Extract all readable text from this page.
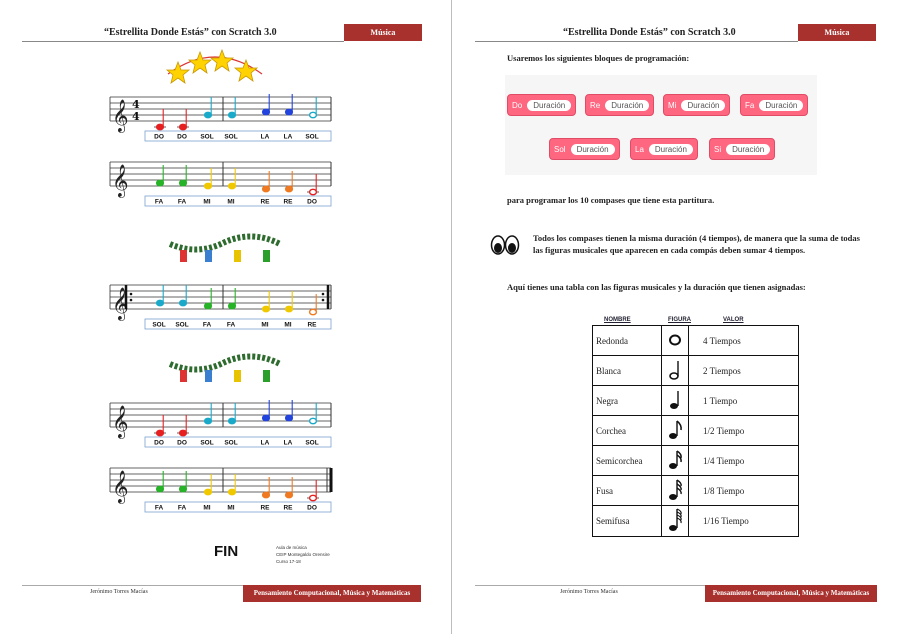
“Estrellita Donde Estás” con Scratch 3.0	Música
𝄞 4
4
DO DO SOL SOL	LA LA SOL
𝄞
FA FA	MI	MI	RE RE DO
𝄞
SOL SOL FA FA	MI MI RE
𝄞
DO DO SOL SOL	LA LA SOL
𝄞
FA FA	MI	MI	RE RE DO
FIN	Aula de música
CEIP Montegaldo Orensire
Curso 17-18
Jerónimo Torres Macías	Pensamiento Computacional, Música y Matemáticas
“Estrellita Donde Estás” con Scratch 3.0	Música
Usaremos los siguientes bloques de programación:
Do	Duración	Re	Duración	Mi	Duración	Fa	Duración
Sol	Duración	La	Duración	Si	Duración
para programar los 10 compases que tiene esta partitura.
Todos los compases tienen la misma duración (4 tiempos), de manera que la suma de todas
las figuras musicales que aparecen en cada compás deben sumar 4 tiempos.
Aquí tienes una tabla con las figuras musicales y la duración que tienen asignadas:
NOMBRE	FIGURA	VALOR
Redonda		4 Tiempos
Blanca		2 Tiempos
Negra		1 Tiempo
Corchea		1/2 Tiempo
Semicorchea		1/4 Tiempo
Fusa		1/8 Tiempo
Semifusa		1/16 Tiempo
Jerónimo Torres Macías	Pensamiento Computacional, Música y Matemáticas
